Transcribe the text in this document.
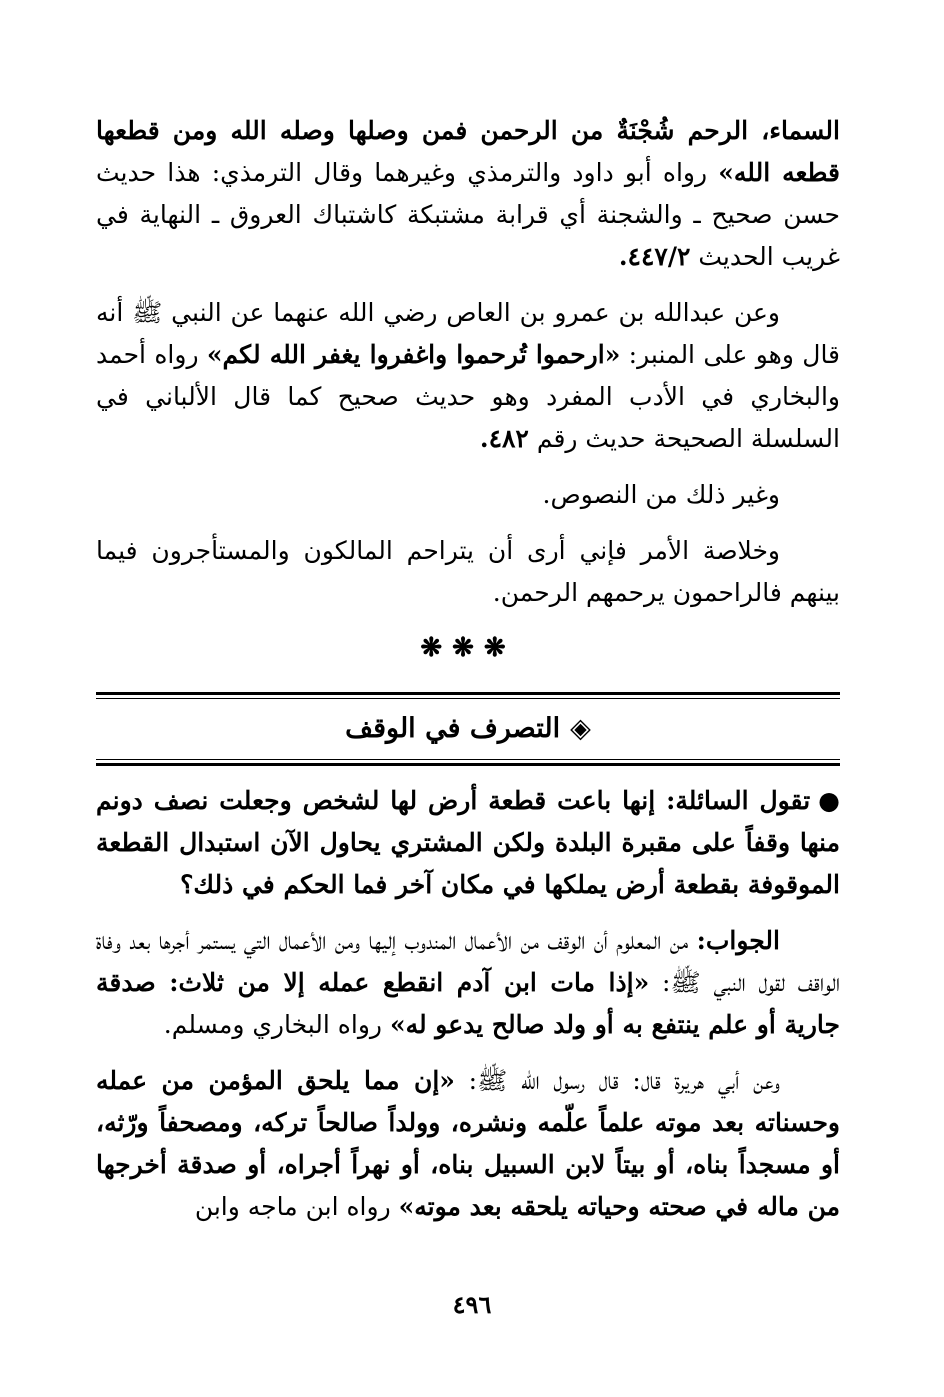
السماء، الرحم شُجْنَةٌ من الرحمن فمن وصلها وصله الله ومن قطعها قطعه الله» رواه أبو داود والترمذي وغيرهما وقال الترمذي: هذا حديث حسن صحيح ـ والشجنة أي قرابة مشتبكة كاشتباك العروق ـ النهاية في غريب الحديث ٤٤٧/٢.

وعن عبدالله بن عمرو بن العاص رضي الله عنهما عن النبي ﷺ أنه قال وهو على المنبر: «ارحموا تُرحموا واغفروا يغفر الله لكم» رواه أحمد والبخاري في الأدب المفرد وهو حديث صحيح كما قال الألباني في السلسلة الصحيحة حديث رقم ٤٨٢.

وغير ذلك من النصوص.

وخلاصة الأمر فإني أرى أن يتراحم المالكون والمستأجرون فيما بينهم فالراحمون يرحمهم الرحمن.

❋❋❋
◈التصرف في الوقف

●تقول السائلة: إنها باعت قطعة أرض لها لشخص وجعلت نصف دونم منها وقفاً على مقبرة البلدة ولكن المشتري يحاول الآن استبدال القطعة الموقوفة بقطعة أرض يملكها في مكان آخر فما الحكم في ذلك؟

الجواب: من المعلوم أن الوقف من الأعمال المندوب إليها ومن الأعمال التي يستمر أجرها بعد وفاة الواقف لقول النبي ﷺ: «إذا مات ابن آدم انقطع عمله إلا من ثلاث: صدقة جارية أو علم ينتفع به أو ولد صالح يدعو له» رواه البخاري ومسلم.

وعن أبي هريرة قال: قال رسول الله ﷺ: «إن مما يلحق المؤمن من عمله وحسناته بعد موته علماً علّمه ونشره، وولداً صالحاً تركه، ومصحفاً ورّثه، أو مسجداً بناه، أو بيتاً لابن السبيل بناه، أو نهراً أجراه، أو صدقة أخرجها من ماله في صحته وحياته يلحقه بعد موته» رواه ابن ماجه وابن

٤٩٦
